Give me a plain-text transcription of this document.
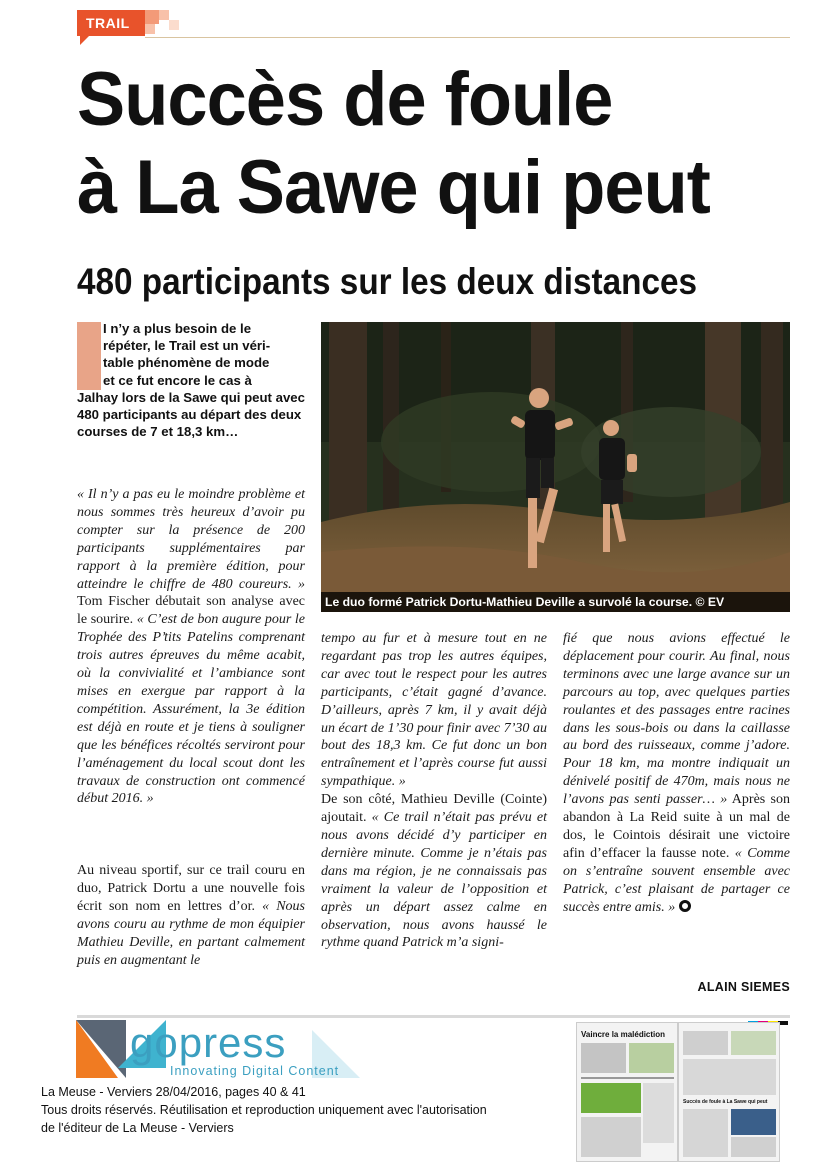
TRAIL
Succès de foule
à La Sawe qui peut
480 participants sur les deux distances
I n’y a plus besoin de le
répéter, le Trail est un véri-
table phénomène de mode
et ce fut encore le cas à
Jalhay lors de la Sawe qui peut avec 480 participants au départ des deux courses de 7 et 18,3 km…
Le duo formé Patrick Dortu-Mathieu Deville a survolé la course. © EV
« Il n’y a pas eu le moindre problème et nous sommes très heureux d’avoir pu compter sur la présence de 200 participants supplémentaires par rapport à la première édition, pour atteindre le chiffre de 480 coureurs. » Tom Fischer débutait son analyse avec le sourire. « C’est de bon augure pour le Trophée des P’tits Patelins comprenant trois autres épreuves du même acabit, où la convivialité et l’ambiance sont mises en exergue par rapport à la compétition. Assurément, la 3e édition est déjà en route et je tiens à souligner que les bénéfices récoltés serviront pour l’aménagement du local scout dont les travaux de construction ont commencé début 2016. »
Au niveau sportif, sur ce trail couru en duo, Patrick Dortu a une nouvelle fois écrit son nom en lettres d’or. « Nous avons couru au rythme de mon équipier Mathieu Deville, en partant calmement puis en augmentant le
tempo au fur et à mesure tout en ne regardant pas trop les autres équipes, car avec tout le respect pour les autres participants, c’était gagné d’avance. D’ailleurs, après 7 km, il y avait déjà un écart de 1’30 pour finir avec 7’30 au bout des 18,3 km. Ce fut donc un bon entraînement et l’après course fut aussi sympathique. »
De son côté, Mathieu Deville (Cointe) ajoutait. « Ce trail n’était pas prévu et nous avons décidé d’y participer en dernière minute. Comme je n’étais pas dans ma région, je ne connaissais pas vraiment la valeur de l’opposition et après un départ assez calme en observation, nous avons haussé le rythme quand Patrick m’a signi-
fié que nous avions effectué le déplacement pour courir. Au final, nous terminons avec une large avance sur un parcours au top, avec quelques parties roulantes et des passages entre racines dans les sous-bois ou dans la caillasse au bord des ruisseaux, comme j’adore. Pour 18 km, ma montre indiquait un dénivelé positif de 470m, mais nous ne l’avons pas senti passer… » Après son abandon à La Reid suite à un mal de dos, le Cointois désirait une victoire afin d’effacer la fausse note. « Comme on s’entraîne souvent ensemble avec Patrick, c’est plaisant de partager ce succès entre amis. »
ALAIN SIEMES
gopress
Innovating Digital Content
La Meuse - Verviers 28/04/2016, pages 40 & 41
Tous droits réservés. Réutilisation et reproduction uniquement avec l'autorisation
de l'éditeur de La Meuse - Verviers
Vaincre la malédiction
Succès de foule à La Sawe qui peut
